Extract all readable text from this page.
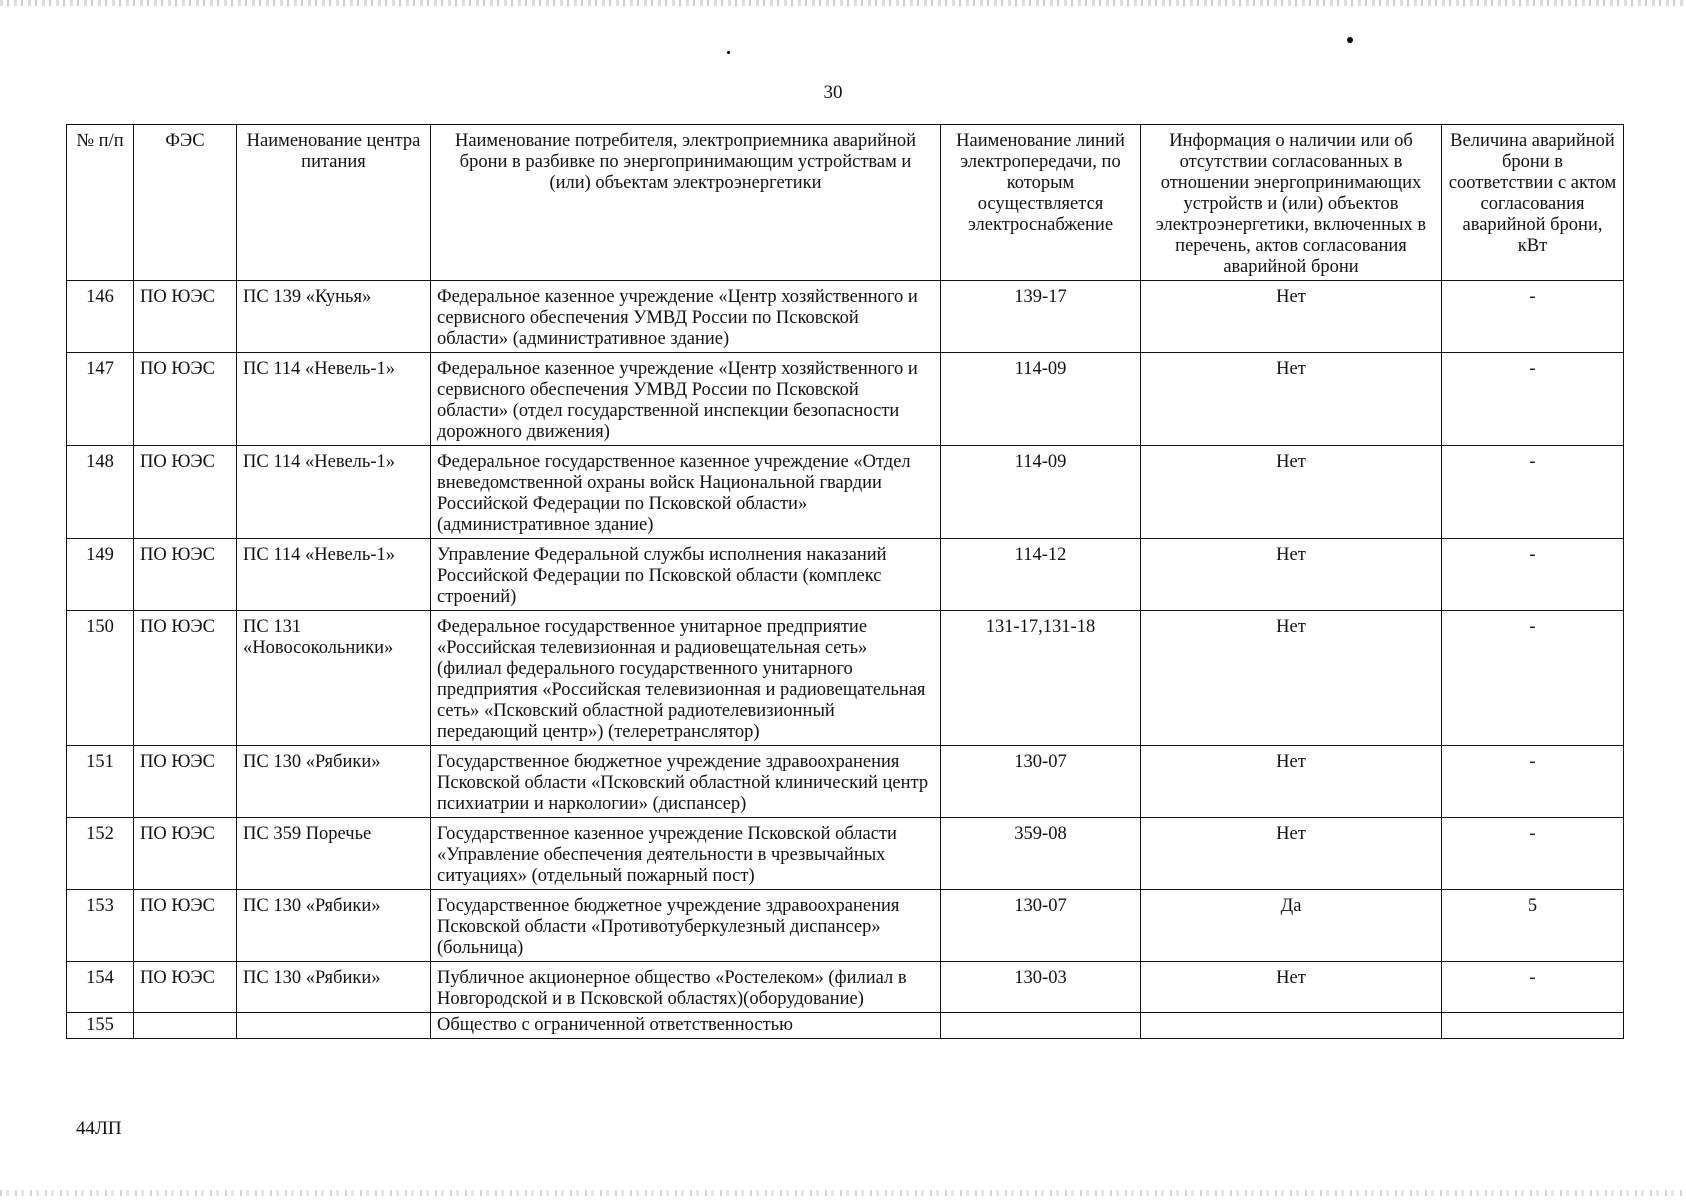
30
№ п/п	ФЭС	Наименование центра питания	Наименование потребителя, электроприемника аварийной брони в разбивке по энергопринимающим устройствам и (или) объектам электроэнергетики	Наименование линий электропередачи, по которым осуществляется электроснабжение	Информация о наличии или об отсутствии согласованных в отношении энергопринимающих устройств и (или) объектов электроэнергетики, включенных в перечень, актов согласования аварийной брони	Величина аварийной брони в соответствии с актом согласования аварийной брони, кВт
146	ПО ЮЭС	ПС 139 «Кунья»	Федеральное казенное учреждение «Центр хозяйственного и сервисного обеспечения УМВД России по Псковской области» (административное здание)	139-17	Нет	-
147	ПО ЮЭС	ПС 114 «Невель-1»	Федеральное казенное учреждение «Центр хозяйственного и сервисного обеспечения УМВД России по Псковской области» (отдел государственной инспекции безопасности дорожного движения)	114-09	Нет	-
148	ПО ЮЭС	ПС 114 «Невель-1»	Федеральное государственное казенное учреждение «Отдел вневедомственной охраны войск Национальной гвардии Российской Федерации по Псковской области» (административное здание)	114-09	Нет	-
149	ПО ЮЭС	ПС 114 «Невель-1»	Управление Федеральной службы исполнения наказаний Российской Федерации по Псковской области (комплекс строений)	114-12	Нет	-
150	ПО ЮЭС	ПС 131 «Новосокольники»	Федеральное государственное унитарное предприятие «Российская телевизионная и радиовещательная сеть» (филиал федерального государственного унитарного предприятия «Российская телевизионная и радиовещательная сеть» «Псковский областной радиотелевизионный передающий центр») (телеретранслятор)	131-17,131-18	Нет	-
151	ПО ЮЭС	ПС 130 «Рябики»	Государственное бюджетное учреждение здравоохранения Псковской области «Псковский областной клинический центр психиатрии и наркологии» (диспансер)	130-07	Нет	-
152	ПО ЮЭС	ПС 359 Поречье	Государственное казенное учреждение Псковской области «Управление обеспечения деятельности в чрезвычайных ситуациях» (отдельный пожарный пост)	359-08	Нет	-
153	ПО ЮЭС	ПС 130 «Рябики»	Государственное бюджетное учреждение здравоохранения Псковской области «Противотуберкулезный диспансер» (больница)	130-07	Да	5
154	ПО ЮЭС	ПС 130 «Рябики»	Публичное акционерное общество «Ростелеком» (филиал в Новгородской и в Псковской областях)(оборудование)	130-03	Нет	-
155			Общество с ограниченной ответственностью			
44ЛП
